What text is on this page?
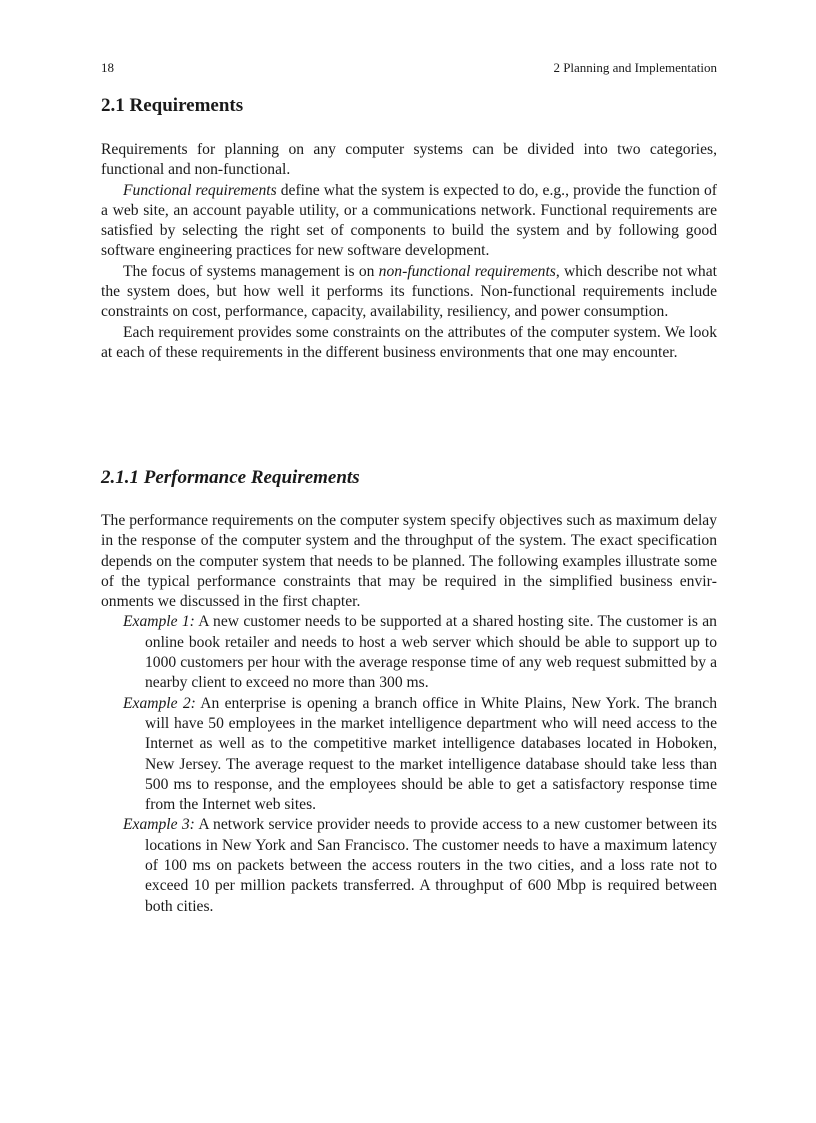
18	2 Planning and Implementation
2.1 Requirements

Requirements for planning on any computer systems can be divided into two categories, functional and non-functional.

Functional requirements define what the system is expected to do, e.g., provide the function of a web site, an account payable utility, or a communications network. Functional requirements are satisfied by selecting the right set of components to build the system and by following good software engineering practices for new software development.

The focus of systems management is on non-functional requirements, which describe not what the system does, but how well it performs its functions. Non-functional requirements include constraints on cost, performance, capacity, availability, resiliency, and power consumption.

Each requirement provides some constraints on the attributes of the computer system. We look at each of these requirements in the different business environments that one may encounter.

2.1.1 Performance Requirements

The performance requirements on the computer system specify objectives such as maximum delay in the response of the computer system and the throughput of the system. The exact specification depends on the computer system that needs to be planned. The following examples illustrate some of the typical performance constraints that may be required in the simplified business environments we discussed in the first chapter.

Example 1: A new customer needs to be supported at a shared hosting site. The customer is an online book retailer and needs to host a web server which should be able to support up to 1000 customers per hour with the average response time of any web request submitted by a nearby client to exceed no more than 300 ms.

Example 2: An enterprise is opening a branch office in White Plains, New York. The branch will have 50 employees in the market intelligence department who will need access to the Internet as well as to the competitive market intelligence databases located in Hoboken, New Jersey. The average request to the market intelligence database should take less than 500 ms to response, and the employees should be able to get a satisfactory response time from the Internet web sites.

Example 3: A network service provider needs to provide access to a new customer between its locations in New York and San Francisco. The customer needs to have a maximum latency of 100 ms on packets between the access routers in the two cities, and a loss rate not to exceed 10 per million packets transferred. A throughput of 600 Mbp is required between both cities.
